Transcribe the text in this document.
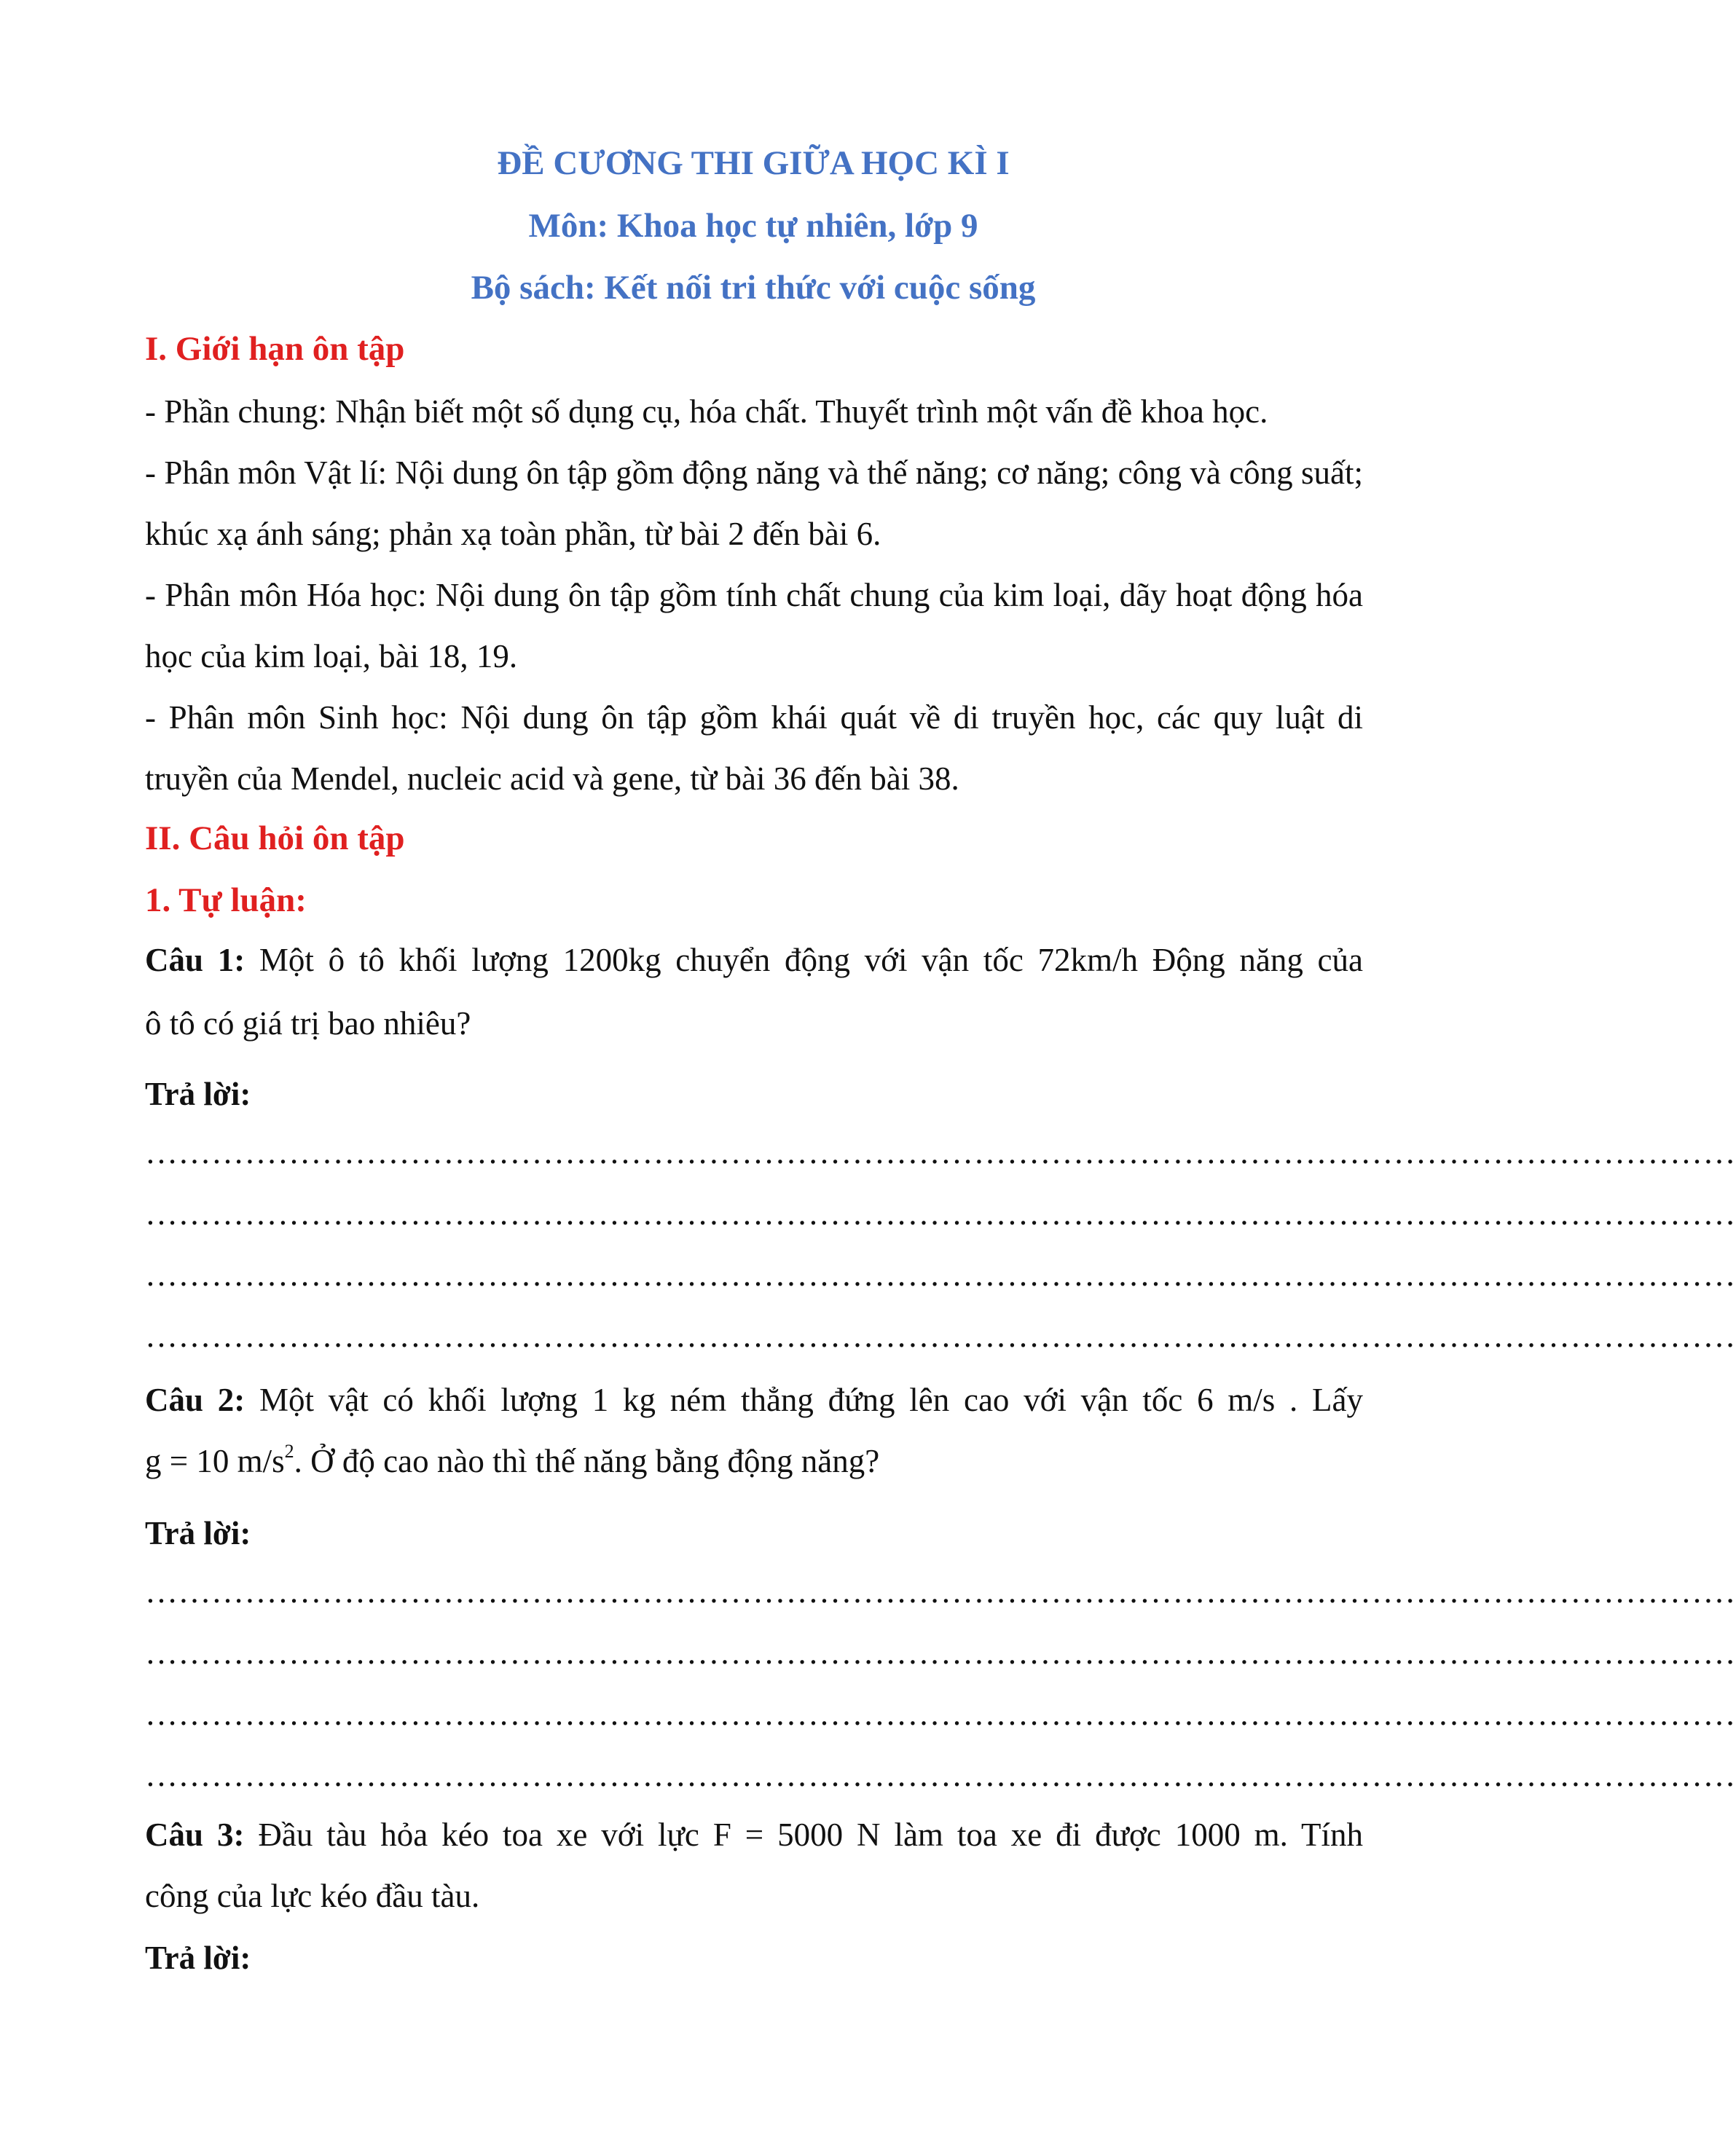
ĐỀ CƯƠNG THI GIỮA HỌC KÌ I
Môn: Khoa học tự nhiên, lớp 9
Bộ sách: Kết nối tri thức với cuộc sống
I. Giới hạn ôn tập
- Phần chung: Nhận biết một số dụng cụ, hóa chất. Thuyết trình một vấn đề khoa học.
- Phân môn Vật lí: Nội dung ôn tập gồm động năng và thế năng; cơ năng; công và công suất; khúc xạ ánh sáng; phản xạ toàn phần, từ bài 2 đến bài 6.
- Phân môn Hóa học: Nội dung ôn tập gồm tính chất chung của kim loại, dãy hoạt động hóa học của kim loại, bài 18, 19.
- Phân môn Sinh học: Nội dung ôn tập gồm khái quát về di truyền học, các quy luật di truyền của Mendel, nucleic acid và gene, từ bài 36 đến bài 38.
II. Câu hỏi ôn tập
1. Tự luận:
Câu 1: Một ô tô khối lượng 1200kg chuyển động với vận tốc 72km/h Động năng của
ô tô có giá trị bao nhiêu?
Trả lời:
………………………………………………………………………………………………………………………………
………………………………………………………………………………………………………………………………
………………………………………………………………………………………………………………………………
………………………………………………………………………………………………………………………………
Câu 2: Một vật có khối lượng 1 kg ném thẳng đứng lên cao với vận tốc 6 m/s . Lấy
g = 10 $m/s^2$. Ở độ cao nào thì thế năng bằng động năng?
Trả lời:
………………………………………………………………………………………………………………………………
………………………………………………………………………………………………………………………………
………………………………………………………………………………………………………………………………
………………………………………………………………………………………………………………………………
Câu 3: Đầu tàu hỏa kéo toa xe với lực F = 5000 N làm toa xe đi được 1000 m. Tính
công của lực kéo đầu tàu.
Trả lời:
